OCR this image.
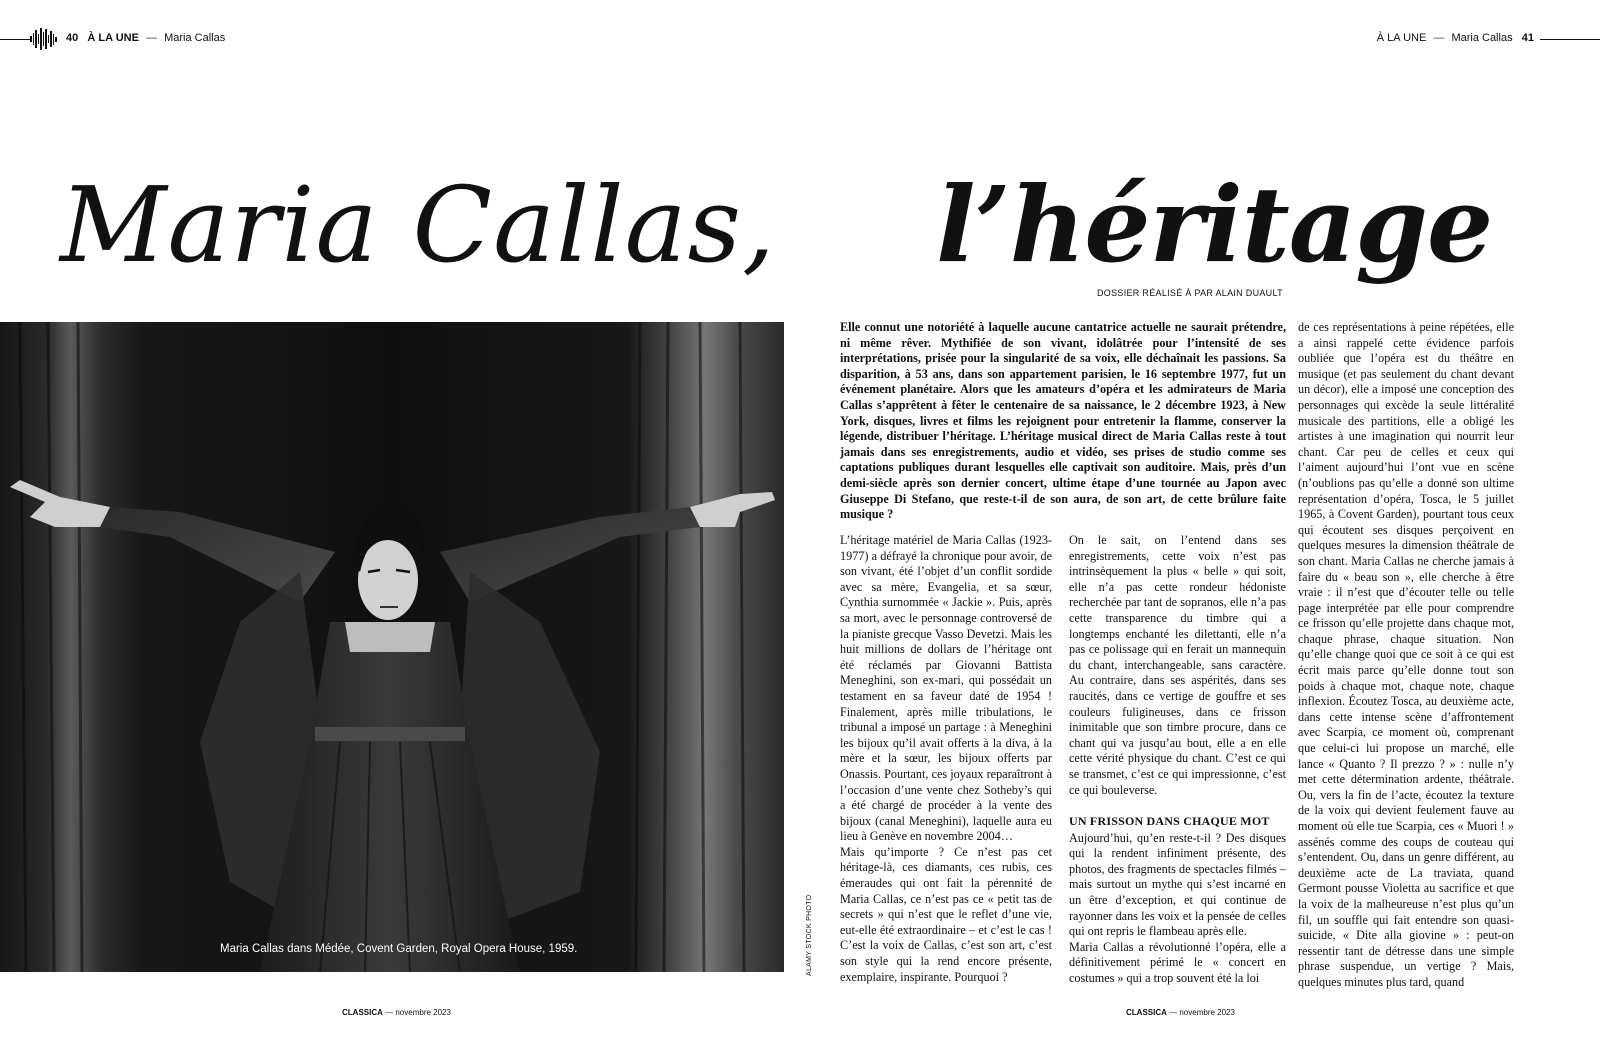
40 À LA UNE — Maria Callas	À LA UNE — Maria Callas 41
Maria Callas, l’héritage
DOSSIER RÉALISÉ À PAR ALAIN DUAULT
Maria Callas dans Médée, Covent Garden, Royal Opera House, 1959.	ALAMY STOCK PHOTO
Elle connut une notoriété à laquelle aucune cantatrice actuelle ne saurait prétendre, ni même rêver. Mythifiée de son vivant, idolâtrée pour l’intensité de ses interprétations, prisée pour la singularité de sa voix, elle déchaînait les passions. Sa disparition, à 53 ans, dans son appartement parisien, le 16 septembre 1977, fut un événement planétaire. Alors que les amateurs d’opéra et les admirateurs de Maria Callas s’apprêtent à fêter le centenaire de sa naissance, le 2 décembre 1923, à New York, disques, livres et films les rejoignent pour entretenir la flamme, conserver la légende, distribuer l’héritage. L’héritage musical direct de Maria Callas reste à tout jamais dans ses enregistrements, audio et vidéo, ses prises de studio comme ses captations publiques durant lesquelles elle captivait son auditoire. Mais, près d’un demi-siècle après son dernier concert, ultime étape d’une tournée au Japon avec Giuseppe Di Stefano, que reste-t-il de son aura, de son art, de cette brûlure faite musique ?

L’héritage matériel de Maria Callas (1923-1977) a défrayé la chronique pour avoir, de son vivant, été l’objet d’un conflit sordide avec sa mère, Evangelia, et sa sœur, Cynthia surnommée « Jackie ». Puis, après sa mort, avec le personnage controversé de la pianiste grecque Vasso Devetzi. Mais les huit millions de dollars de l’héritage ont été réclamés par Giovanni Battista Meneghini, son ex-mari, qui possédait un testament en sa faveur daté de 1954 ! Finalement, après mille tribulations, le tribunal a imposé un partage : à Meneghini les bijoux qu’il avait offerts à la diva, à la mère et la sœur, les bijoux offerts par Onassis. Pourtant, ces joyaux reparaîtront à l’occasion d’une vente chez Sotheby’s qui a été chargé de procéder à la vente des bijoux (canal Meneghini), laquelle aura eu lieu à Genève en novembre 2004…

Mais qu’importe ? Ce n’est pas cet héritage-là, ces diamants, ces rubis, ces émeraudes qui ont fait la pérennité de Maria Callas, ce n’est pas ce « petit tas de secrets » qui n’est que le reflet d’une vie, eut-elle été extraordinaire – et c’est le cas ! C’est la voix de Callas, c’est son art, c’est son style qui la rend encore présente, exemplaire, inspirante. Pourquoi ?

On le sait, on l’entend dans ses enregistrements, cette voix n’est pas intrinsèquement la plus « belle » qui soit, elle n’a pas cette rondeur hédoniste recherchée par tant de sopranos, elle n’a pas cette transparence du timbre qui a longtemps enchanté les dilettanti, elle n’a pas ce polissage qui en ferait un mannequin du chant, interchangeable, sans caractère. Au contraire, dans ses aspérités, dans ses raucités, dans ce vertige de gouffre et ses couleurs fuligineuses, dans ce frisson inimitable que son timbre procure, dans ce chant qui va jusqu’au bout, elle a en elle cette vérité physique du chant. C’est ce qui se transmet, c’est ce qui impressionne, c’est ce qui bouleverse.

UN FRISSON DANS CHAQUE MOT

Aujourd’hui, qu’en reste-t-il ? Des disques qui la rendent infiniment présente, des photos, des fragments de spectacles filmés – mais surtout un mythe qui s’est incarné en un être d’exception, et qui continue de rayonner dans les voix et la pensée de celles qui ont repris le flambeau après elle.

Maria Callas a révolutionné l’opéra, elle a définitivement périmé le « concert en costumes » qui a trop souvent été la loi

de ces représentations à peine répétées, elle a ainsi rappelé cette évidence parfois oubliée que l’opéra est du théâtre en musique (et pas seulement du chant devant un décor), elle a imposé une conception des personnages qui excède la seule littéralité musicale des partitions, elle a obligé les artistes à une imagination qui nourrit leur chant. Car peu de celles et ceux qui l’aiment aujourd’hui l’ont vue en scène (n’oublions pas qu’elle a donné son ultime représentation d’opéra, Tosca, le 5 juillet 1965, à Covent Garden), pourtant tous ceux qui écoutent ses disques perçoivent en quelques mesures la dimension théâtrale de son chant. Maria Callas ne cherche jamais à faire du « beau son », elle cherche à être vraie : il n’est que d’écouter telle ou telle page interprétée par elle pour comprendre ce frisson qu’elle projette dans chaque mot, chaque phrase, chaque situation. Non qu’elle change quoi que ce soit à ce qui est écrit mais parce qu’elle donne tout son poids à chaque mot, chaque note, chaque inflexion. Écoutez Tosca, au deuxième acte, dans cette intense scène d’affrontement avec Scarpia, ce moment où, comprenant que celui-ci lui propose un marché, elle lance « Quanto ? Il prezzo ? » : nulle n’y met cette détermination ardente, théâtrale. Ou, vers la fin de l’acte, écoutez la texture de la voix qui devient feulement fauve au moment où elle tue Scarpia, ces « Muori ! » assénés comme des coups de couteau qui s’entendent. Ou, dans un genre différent, au deuxième acte de La traviata, quand Germont pousse Violetta au sacrifice et que la voix de la malheureuse n’est plus qu’un fil, un souffle qui fait entendre son quasi-suicide, « Dite alla giovine » : peut-on ressentir tant de détresse dans une simple phrase suspendue, un vertige ? Mais, quelques minutes plus tard, quand

CLASSICA — novembre 2023	CLASSICA — novembre 2023
